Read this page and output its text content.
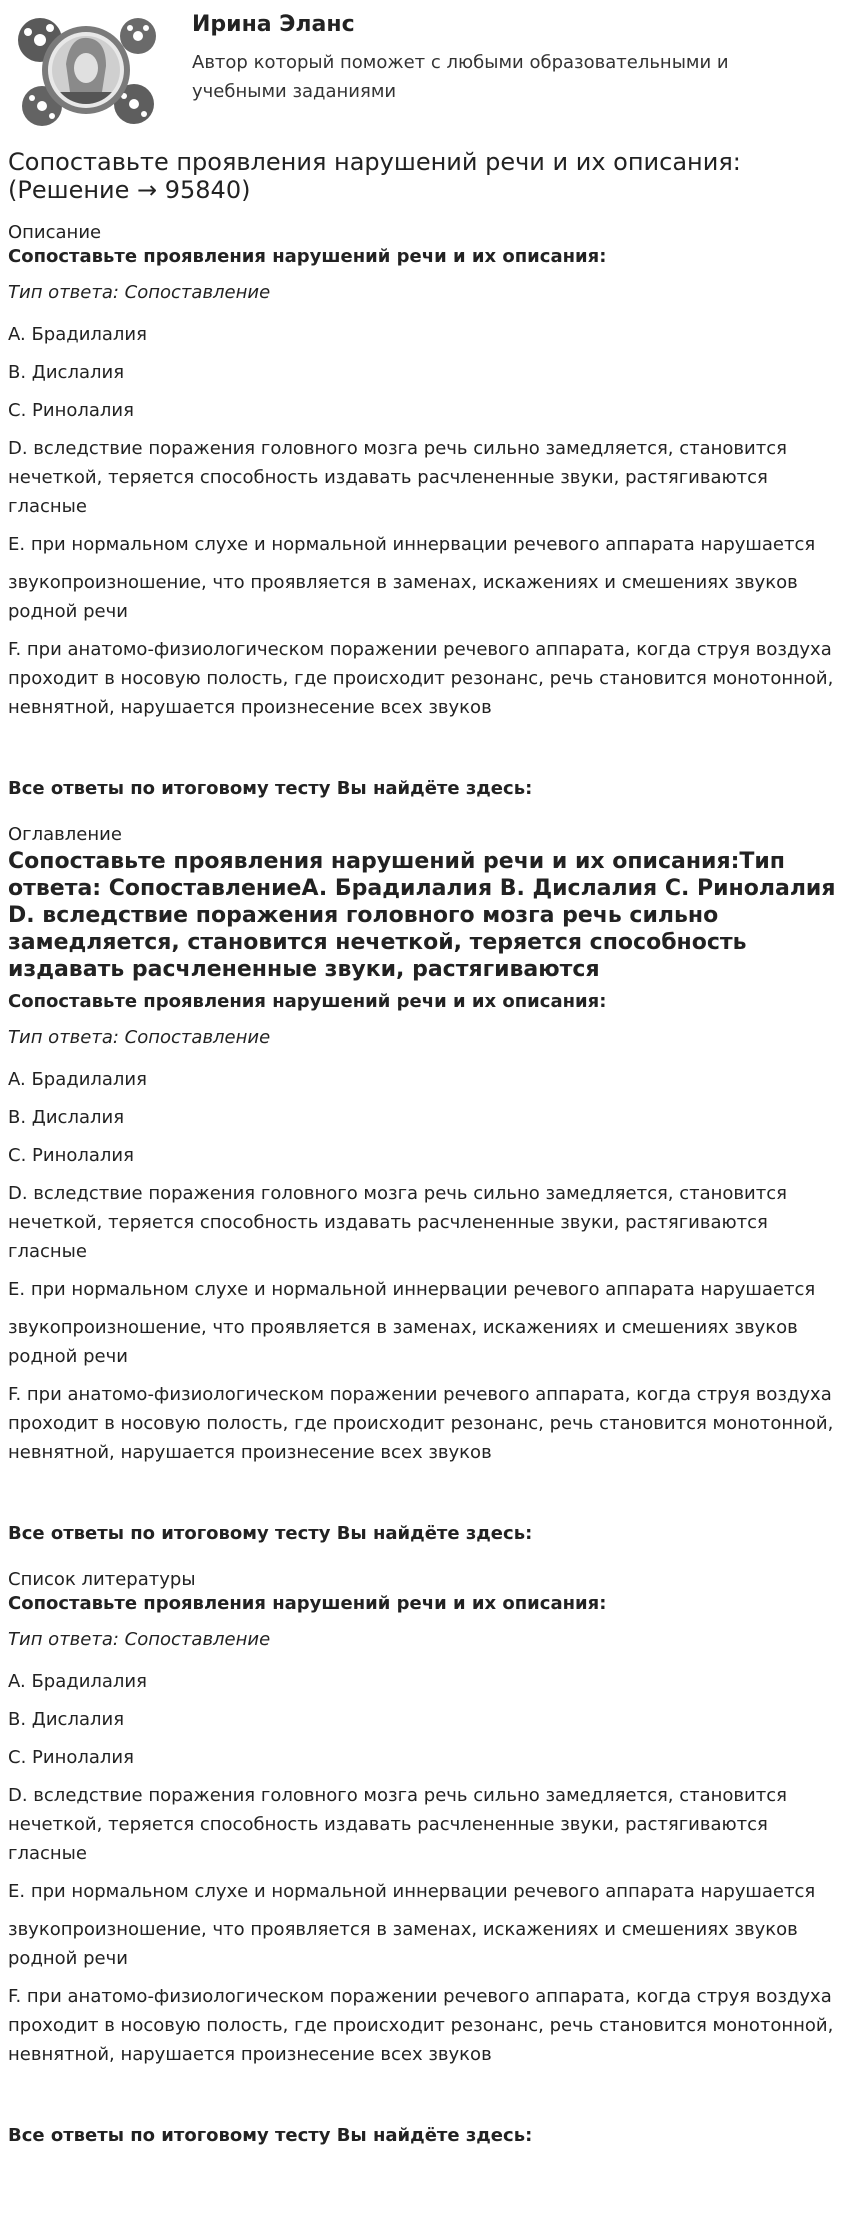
Ирина Эланс
Автор который поможет с любыми образовательными и учебными заданиями
Сопоставьте проявления нарушений речи и их описания: (Решение → 95840)
Описание
Сопоставьте проявления нарушений речи и их описания:
Тип ответа: Сопоставление
A. Брадилалия
B. Дислалия
C. Ринолалия
D. вследствие поражения головного мозга речь сильно замедляется, становится нечеткой, теряется способность издавать расчлененные звуки, растягиваются гласные
E. при нормальном слухе и нормальной иннервации речевого аппарата нарушается
звукопроизношение, что проявляется в заменах, искажениях и смешениях звуков родной речи
F. при анатомо-физиологическом поражении речевого аппарата, когда струя воздуха проходит в носовую полость, где происходит резонанс, речь становится монотонной, невнятной, нарушается произнесение всех звуков
Все ответы по итоговому тесту Вы найдёте здесь:
Оглавление
Сопоставьте проявления нарушений речи и их описания:Тип ответа: СопоставлениеA. Брадилалия B. Дислалия C. Ринолалия D. вследствие поражения головного мозга речь сильно замедляется, становится нечеткой, теряется способность издавать расчлененные звуки, растягиваются
Сопоставьте проявления нарушений речи и их описания:
Тип ответа: Сопоставление
A. Брадилалия
B. Дислалия
C. Ринолалия
D. вследствие поражения головного мозга речь сильно замедляется, становится нечеткой, теряется способность издавать расчлененные звуки, растягиваются гласные
E. при нормальном слухе и нормальной иннервации речевого аппарата нарушается
звукопроизношение, что проявляется в заменах, искажениях и смешениях звуков родной речи
F. при анатомо-физиологическом поражении речевого аппарата, когда струя воздуха проходит в носовую полость, где происходит резонанс, речь становится монотонной, невнятной, нарушается произнесение всех звуков
Все ответы по итоговому тесту Вы найдёте здесь:
Список литературы
Сопоставьте проявления нарушений речи и их описания:
Тип ответа: Сопоставление
A. Брадилалия
B. Дислалия
C. Ринолалия
D. вследствие поражения головного мозга речь сильно замедляется, становится нечеткой, теряется способность издавать расчлененные звуки, растягиваются гласные
E. при нормальном слухе и нормальной иннервации речевого аппарата нарушается
звукопроизношение, что проявляется в заменах, искажениях и смешениях звуков родной речи
F. при анатомо-физиологическом поражении речевого аппарата, когда струя воздуха проходит в носовую полость, где происходит резонанс, речь становится монотонной, невнятной, нарушается произнесение всех звуков
Все ответы по итоговому тесту Вы найдёте здесь:
